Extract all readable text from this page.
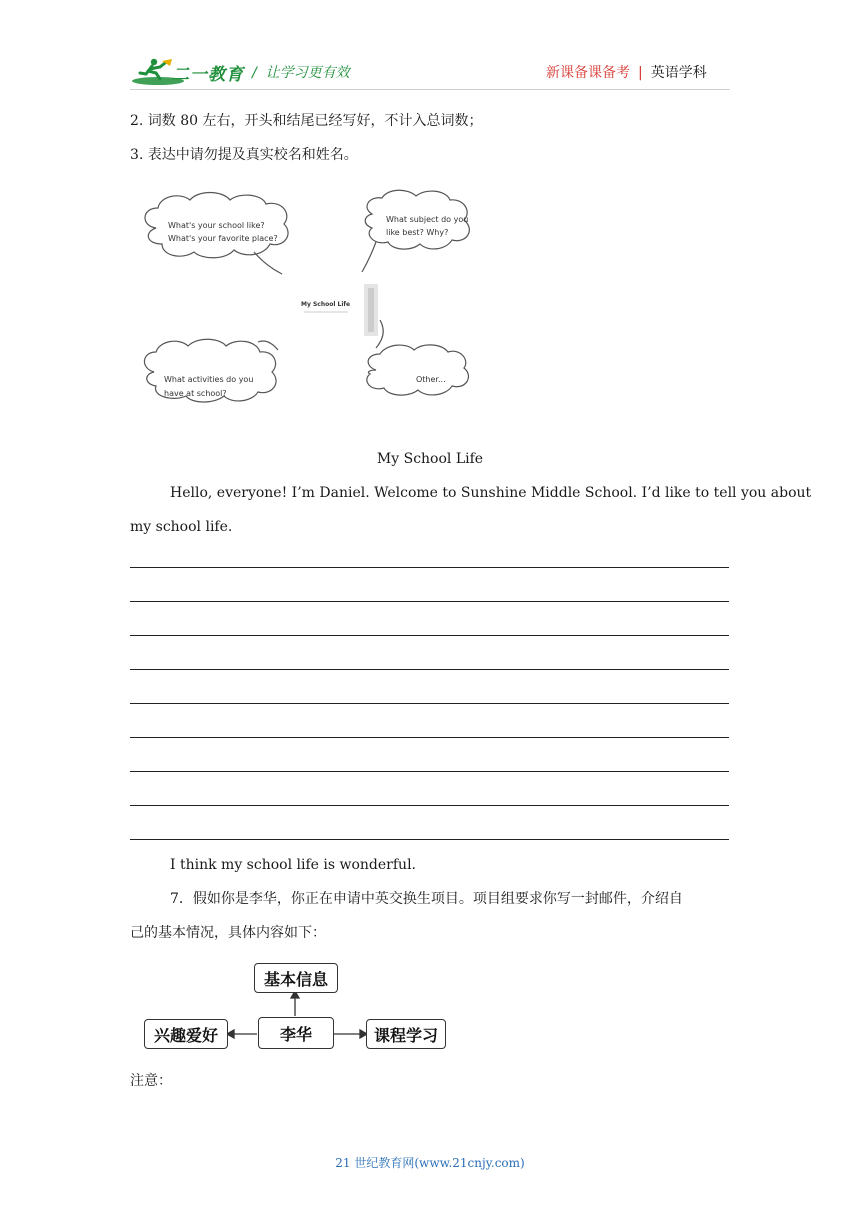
二一教育 / 让学习更有效	新课备课备考 | 英语学科
2. 词数 80 左右，开头和结尾已经写好，不计入总词数；
3. 表达中请勿提及真实校名和姓名。
My School Life
What's your school like?
What's your favorite place?
What subject do you
like best? Why?
What activities do you
have at school?
Other...
My School Life
Hello, everyone! I’m Daniel. Welcome to Sunshine Middle School. I’d like to tell you about
my school life.
I think my school life is wonderful.
7．假如你是李华，你正在申请中英交换生项目。项目组要求你写一封邮件，介绍自
己的基本情况，具体内容如下：
基本信息
兴趣爱好	李华	课程学习
注意：
21 世纪教育网(www.21cnjy.com)
